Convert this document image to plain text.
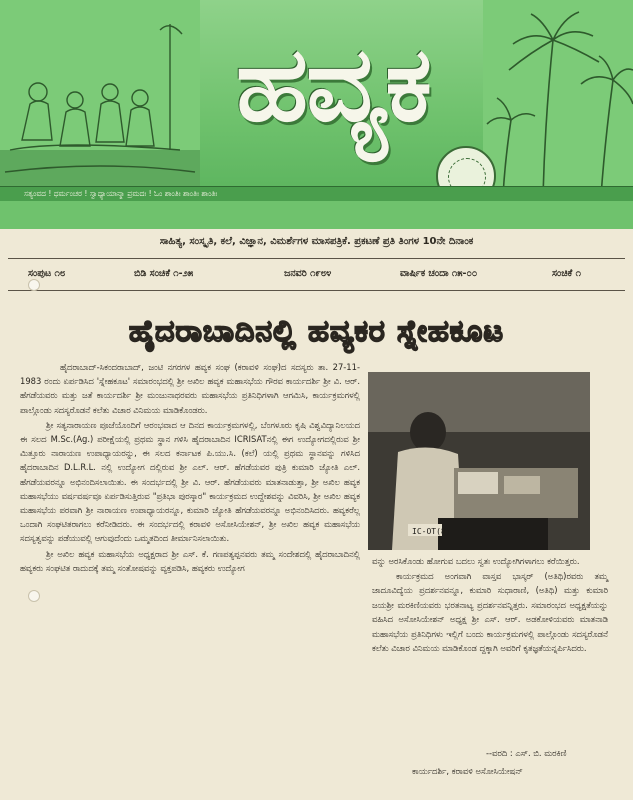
ಹವ್ಯಕ
ಸತ್ಯಂವದ ! ಧರ್ಮಂಚರ ! ಸ್ವಾಧ್ಯಾಯಾನ್ಮಾ ಪ್ರಮದಃ ! ಓಂ ಶಾಂತಿಃ ಶಾಂತಿಃ ಶಾಂತಿಃ
ಸಾಹಿತ್ಯ, ಸಂಸ್ಕೃತಿ, ಕಲೆ, ವಿಜ್ಞಾನ, ವಿಮರ್ಶೆಗಳ ಮಾಸಪತ್ರಿಕೆ. ಪ್ರಕಟಣೆ ಪ್ರತಿ ತಿಂಗಳ 10ನೇ ದಿನಾಂಕ
ಸಂಪುಟ ೧೮	ಬಿಡಿ ಸಂಚಿಕೆ ೧-೨೫	ಜನವರಿ ೧೯೮೪	ವಾರ್ಷಿಕ ಚಂದಾ ೧೫-೦೦	ಸಂಚಿಕೆ ೧
ಹೈದರಾಬಾದಿನಲ್ಲಿ ಹವ್ಯಕರ ಸ್ನೇಹಕೂಟ

ಹೈದರಾಬಾದ್-ಸಿಕಂದರಾಬಾದ್, ಜಂಟಿ ನಗರಗಳ ಹವ್ಯಕ ಸಂಘ (ಕರಾವಳಿ ಸಂಘ)ದ ಸದಸ್ಯರು ತಾ. 27-11-1983 ರಂದು ಏರ್ಪಡಿಸಿದ 'ಸ್ನೇಹಕೂಟ' ಸಮಾರಂಭದಲ್ಲಿ ಶ್ರೀ ಅಖಿಲ ಹವ್ಯಕ ಮಹಾಸಭೆಯ ಗೌರವ ಕಾರ್ಯದರ್ಶಿ ಶ್ರೀ ವಿ. ಆರ್. ಹೆಗಡೆಯವರು ಮತ್ತು ಜತೆ ಕಾರ್ಯದರ್ಶಿ ಶ್ರೀ ಮಂಜುನಾಥರವರು ಮಹಾಸಭೆಯ ಪ್ರತಿನಿಧಿಗಳಾಗಿ ಆಗಮಿಸಿ, ಕಾರ್ಯಕ್ರಮಗಳಲ್ಲಿ ಪಾಲ್ಗೊಂಡು ಸದಸ್ಯರೊಡನೆ ಕಲೆತು ವಿಚಾರ ವಿನಿಮಯ ಮಾಡಿಕೊಂಡರು.

ಶ್ರೀ ಸತ್ಯನಾರಾಯಣ ಪೂಜೆಯೊಂದಿಗೆ ಆರಂಭವಾದ ಆ ದಿನದ ಕಾರ್ಯಕ್ರಮಗಳಲ್ಲಿ, ಬೆಂಗಳೂರು ಕೃಷಿ ವಿಶ್ವವಿದ್ಯಾನಿಲಯದ ಈ ಸಲದ M.Sc.(Ag.) ಪರೀಕ್ಷೆಯಲ್ಲಿ ಪ್ರಥಮ ಸ್ಥಾನ ಗಳಿಸಿ ಹೈದರಾಬಾದಿನ ICRISATನಲ್ಲಿ ಈಗ ಉದ್ಯೋಗದಲ್ಲಿರುವ ಶ್ರೀ ಮಿತ್ತೂರು ನಾರಾಯಣ ಉಪಾಧ್ಯಾಯರನ್ನು, ಈ ಸಲದ ಕರ್ನಾಟಕ ಪಿ.ಯು.ಸಿ. (ಕಲೆ) ಯಲ್ಲಿ ಪ್ರಥಮ ಸ್ಥಾನವನ್ನು ಗಳಿಸಿದ ಹೈದರಾಬಾದಿನ D.L.R.L. ನಲ್ಲಿ ಉದ್ಯೋಗ ದಲ್ಲಿರುವ ಶ್ರೀ ಎಲ್. ಆರ್. ಹೆಗಡೆಯವರ ಪುತ್ರಿ ಕುಮಾರಿ ಜ್ಯೋತಿ ಎಲ್. ಹೆಗಡೆಯವರನ್ನೂ ಅಭಿನಂದಿಸಲಾಯಿತು. ಈ ಸಂದರ್ಭದಲ್ಲಿ ಶ್ರೀ ವಿ. ಆರ್. ಹೆಗಡೆಯವರು ಮಾತನಾಡುತ್ತಾ, ಶ್ರೀ ಅಖಿಲ ಹವ್ಯಕ ಮಹಾಸಭೆಯು ವರ್ಷವರ್ಷವೂ ಏರ್ಪಡಿಸುತ್ತಿರುವ "ಪ್ರತಿಭಾ ಪುರಸ್ಕಾರ" ಕಾರ್ಯಕ್ರಮದ ಉದ್ದೇಶವನ್ನು ವಿವರಿಸಿ, ಶ್ರೀ ಅಖಿಲ ಹವ್ಯಕ ಮಹಾಸಭೆಯ ಪರವಾಗಿ ಶ್ರೀ ನಾರಾಯಣ ಉಪಾಧ್ಯಾಯರನ್ನೂ, ಕುಮಾರಿ ಜ್ಯೋತಿ ಹೆಗಡೆಯವರನ್ನೂ ಅಭಿನಂದಿಸಿದರು. ಹವ್ಯಕರೆಲ್ಲ ಒಂದಾಗಿ ಸಂಘಟಿತರಾಗಲು ಕರೆನೀಡಿದರು. ಈ ಸಂದರ್ಭದಲ್ಲಿ ಕರಾವಳಿ ಅಸೋಸಿಯೇಶನ್, ಶ್ರೀ ಅಖಿಲ ಹವ್ಯಕ ಮಹಾಸಭೆಯ ಸದಸ್ಯತ್ವವನ್ನು ಪಡೆಯುವಲ್ಲಿ ಆಗುವುದೆಂದು ಒಮ್ಮತದಿಂದ ತೀರ್ಮಾನಿಸಲಾಯಿತು.

ಶ್ರೀ ಅಖಿಲ ಹವ್ಯಕ ಮಹಾಸಭೆಯ ಅಧ್ಯಕ್ಷರಾದ ಶ್ರೀ ಎಸ್. ಕೆ. ಗಣಪತ್ಯಪ್ಪನವರು ತಮ್ಮ ಸಂದೇಶದಲ್ಲಿ ಹೈದರಾಬಾದಿನಲ್ಲಿ ಹವ್ಯಕರು ಸಂಘಟಿತ ರಾದುದಕ್ಕೆ ತಮ್ಮ ಸಂತೋಷವನ್ನು ವ್ಯಕ್ತಪಡಿಸಿ, ಹವ್ಯಕರು ಉದ್ಯೋಗ

IC-OT(8)

ವನ್ನು ಅರಸಿಕೊಂಡು ಹೋಗುವ ಬದಲು ಸ್ವತಃ ಉದ್ಯೋಗಿಗಳಾಗಲು ಕರೆಯಿತ್ತರು.

ಕಾರ್ಯಕ್ರಮದ ಅಂಗವಾಗಿ ವಾಸ್ತವ ಭಾಸ್ಕರ್ (ಅತಿಥಿ)ರವರು ತಮ್ಮ ಜಾದೂವಿದ್ಯೆಯ ಪ್ರದರ್ಶನವನ್ನೂ, ಕುಮಾರಿ ಸುಧಾರಾಣಿ, (ಅತಿಥಿ) ಮತ್ತು ಕುಮಾರಿ ಜಯಶ್ರೀ ಮರಕಿಣಿಯವರು ಭರತನಾಟ್ಯ ಪ್ರದರ್ಶನವನ್ನಿತ್ತರು. ಸಮಾರಂಭದ ಅಧ್ಯಕ್ಷತೆಯನ್ನು ವಹಿಸಿದ ಅಸೋಸಿಯೇಶನ್ ಅಧ್ಯಕ್ಷ ಶ್ರೀ ಎಸ್. ಆರ್. ಅಡಕೋಳಿಯವರು ಮಾತನಾಡಿ ಮಹಾಸಭೆಯ ಪ್ರತಿನಿಧಿಗಳು ಇಲ್ಲಿಗೆ ಬಂದು ಕಾರ್ಯಕ್ರಮಗಳಲ್ಲಿ ಪಾಲ್ಗೊಂಡು ಸದಸ್ಯರೊಡನೆ ಕಲೆತು ವಿಚಾರ ವಿನಿಮಯ ಮಾಡಿಕೊಂಡ ದ್ದಕ್ಕಾಗಿ ಅವರಿಗೆ ಕೃತಜ್ಞತೆಯನ್ನರ್ಪಿಸಿದರು.

--ವರದಿ : ಎಸ್. ಬಿ. ಮರಕಿಣಿ
ಕಾರ್ಯದರ್ಶಿ, ಕರಾವಳಿ ಅಸೋಸಿಯೇಷನ್
